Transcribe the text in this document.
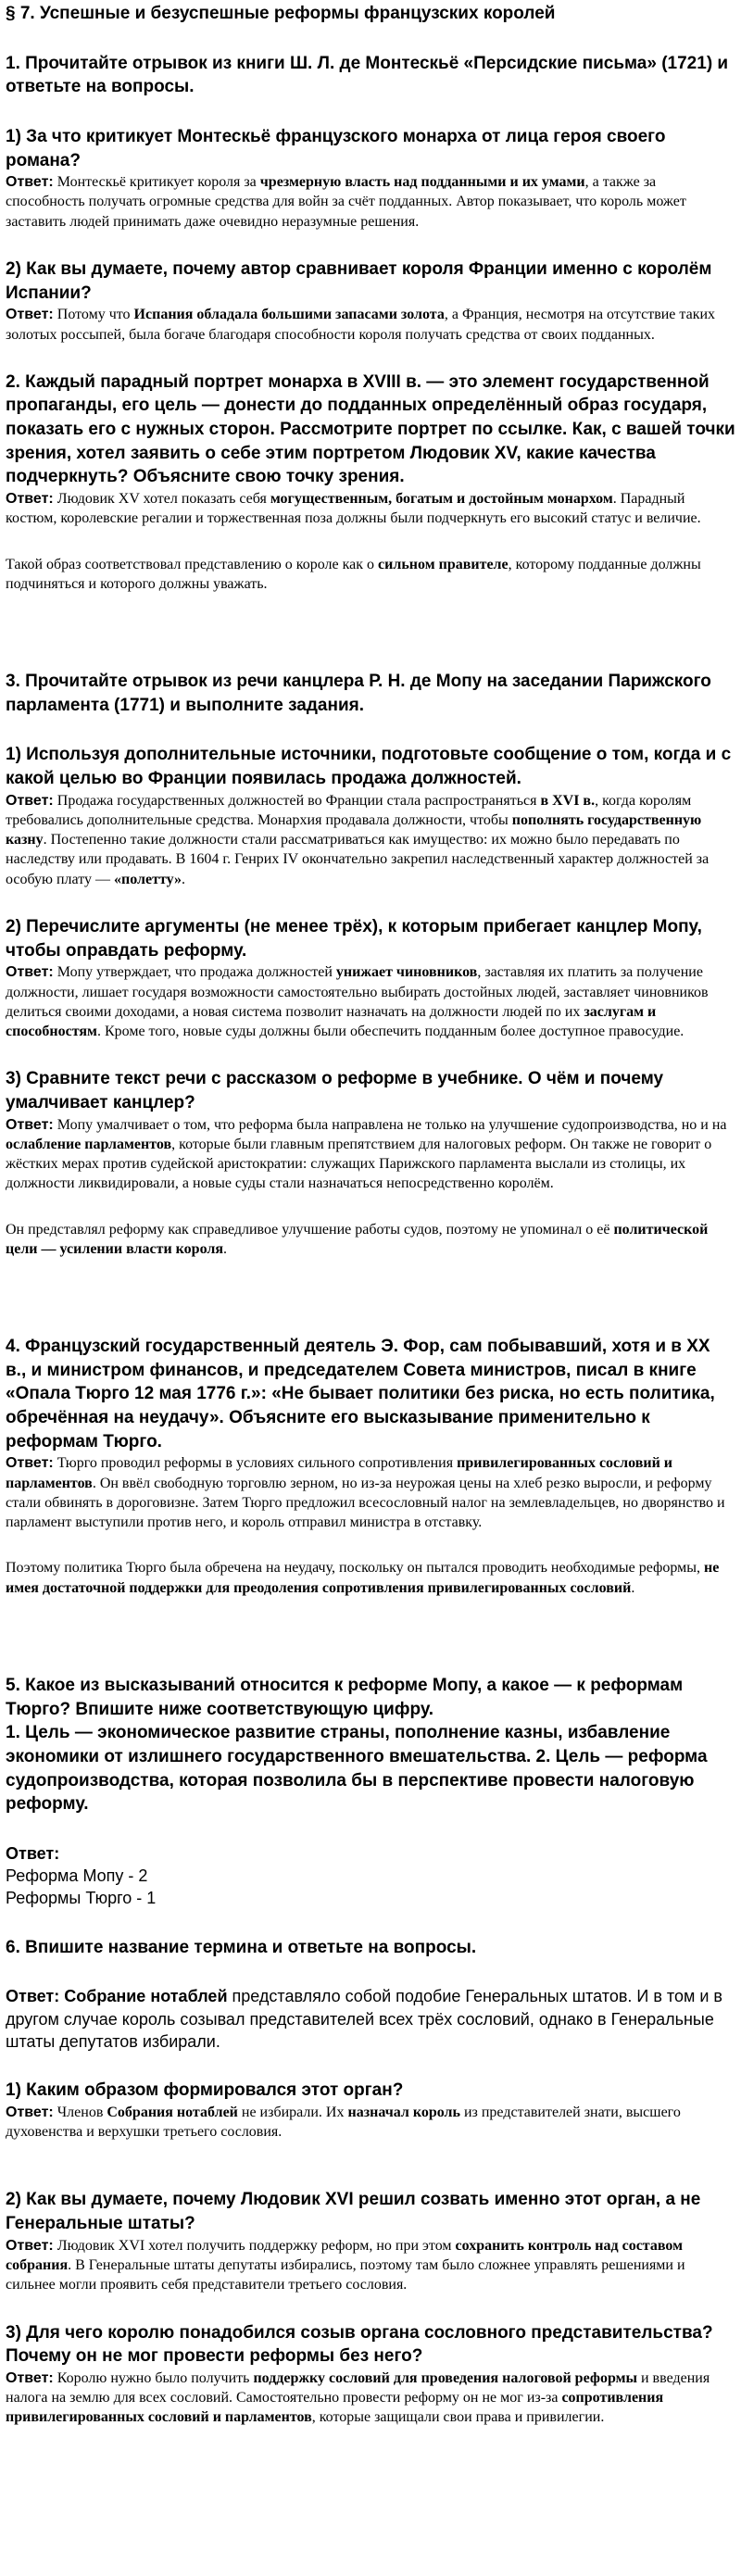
§ 7. Успешные и безуспешные реформы французских королей
1. Прочитайте отрывок из книги Ш. Л. де Монтескьё «Персидские письма» (1721) и ответьте на вопросы.
1) За что критикует Монтескьё французского монарха от лица героя своего романа?

Ответ: Монтескьё критикует короля за чрезмерную власть над подданными и их умами, а также за способность получать огромные средства для войн за счёт подданных. Автор показывает, что король может заставить людей принимать даже очевидно неразумные решения.

2) Как вы думаете, почему автор сравнивает короля Франции именно с королём Испании?

Ответ: Потому что Испания обладала большими запасами золота, а Франция, несмотря на отсутствие таких золотых россыпей, была богаче благодаря способности короля получать средства от своих подданных.

2. Каждый парадный портрет монарха в XVIII в. — это элемент государственной пропаганды, его цель — донести до подданных определённый образ государя, показать его с нужных сторон. Рассмотрите портрет по ссылке. Как, с вашей точки зрения, хотел заявить о себе этим портретом Людовик XV, какие качества подчеркнуть? Объясните свою точку зрения.

Ответ: Людовик XV хотел показать себя могущественным, богатым и достойным монархом. Парадный костюм, королевские регалии и торжественная поза должны были подчеркнуть его высокий статус и величие.

Такой образ соответствовал представлению о короле как о сильном правителе, которому подданные должны подчиняться и которого должны уважать.

3. Прочитайте отрывок из речи канцлера Р. Н. де Мопу на заседании Парижского парламента (1771) и выполните задания.
1) Используя дополнительные источники, подготовьте сообщение о том, когда и с какой целью во Франции появилась продажа должностей.

Ответ: Продажа государственных должностей во Франции стала распространяться в XVI в., когда королям требовались дополнительные средства. Монархия продавала должности, чтобы пополнять государственную казну. Постепенно такие должности стали рассматриваться как имущество: их можно было передавать по наследству или продавать. В 1604 г. Генрих IV окончательно закрепил наследственный характер должностей за особую плату — «полетту».

2) Перечислите аргументы (не менее трёх), к которым прибегает канцлер Мопу, чтобы оправдать реформу.

Ответ: Мопу утверждает, что продажа должностей унижает чиновников, заставляя их платить за получение должности, лишает государя возможности самостоятельно выбирать достойных людей, заставляет чиновников делиться своими доходами, а новая система позволит назначать на должности людей по их заслугам и способностям. Кроме того, новые суды должны были обеспечить подданным более доступное правосудие.

3) Сравните текст речи с рассказом о реформе в учебнике. О чём и почему умалчивает канцлер?

Ответ: Мопу умалчивает о том, что реформа была направлена не только на улучшение судопроизводства, но и на ослабление парламентов, которые были главным препятствием для налоговых реформ. Он также не говорит о жёстких мерах против судейской аристократии: служащих Парижского парламента выслали из столицы, их должности ликвидировали, а новые суды стали назначаться непосредственно королём.

Он представлял реформу как справедливое улучшение работы судов, поэтому не упоминал о её политической цели — усилении власти короля.

4. Французский государственный деятель Э. Фор, сам побывавший, хотя и в XX в., и министром финансов, и председателем Совета министров, писал в книге «Опала Тюрго 12 мая 1776 г.»: «Не бывает политики без риска, но есть политика, обречённая на неудачу». Объясните его высказывание применительно к реформам Тюрго.

Ответ: Тюрго проводил реформы в условиях сильного сопротивления привилегированных сословий и парламентов. Он ввёл свободную торговлю зерном, но из-за неурожая цены на хлеб резко выросли, и реформу стали обвинять в дороговизне. Затем Тюрго предложил всесословный налог на землевладельцев, но дворянство и парламент выступили против него, и король отправил министра в отставку.

Поэтому политика Тюрго была обречена на неудачу, поскольку он пытался проводить необходимые реформы, не имея достаточной поддержки для преодоления сопротивления привилегированных сословий.

5. Какое из высказываний относится к реформе Мопу, а какое — к реформам Тюрго? Впишите ниже соответствующую цифру.
1. Цель — экономическое развитие страны, пополнение казны, избавление экономики от излишнего государственного вмешательства. 2. Цель — реформа судопроизводства, которая позволила бы в перспективе провести налоговую реформу.

Ответ:

Реформа Мопу - 2

Реформы Тюрго - 1

6. Впишите название термина и ответьте на вопросы.

Ответ: Собрание нотаблей представляло собой подобие Генеральных штатов. И в том и в другом случае король созывал представителей всех трёх сословий, однако в Генеральные штаты депутатов избирали.

1) Каким образом формировался этот орган?

Ответ: Членов Собрания нотаблей не избирали. Их назначал король из представителей знати, высшего духовенства и верхушки третьего сословия.

2) Как вы думаете, почему Людовик XVI решил созвать именно этот орган, а не Генеральные штаты?

Ответ: Людовик XVI хотел получить поддержку реформ, но при этом сохранить контроль над составом собрания. В Генеральные штаты депутаты избирались, поэтому там было сложнее управлять решениями и сильнее могли проявить себя представители третьего сословия.

3) Для чего королю понадобился созыв органа сословного представительства? Почему он не мог провести реформы без него?

Ответ: Королю нужно было получить поддержку сословий для проведения налоговой реформы и введения налога на землю для всех сословий. Самостоятельно провести реформу он не мог из-за сопротивления привилегированных сословий и парламентов, которые защищали свои права и привилегии.
